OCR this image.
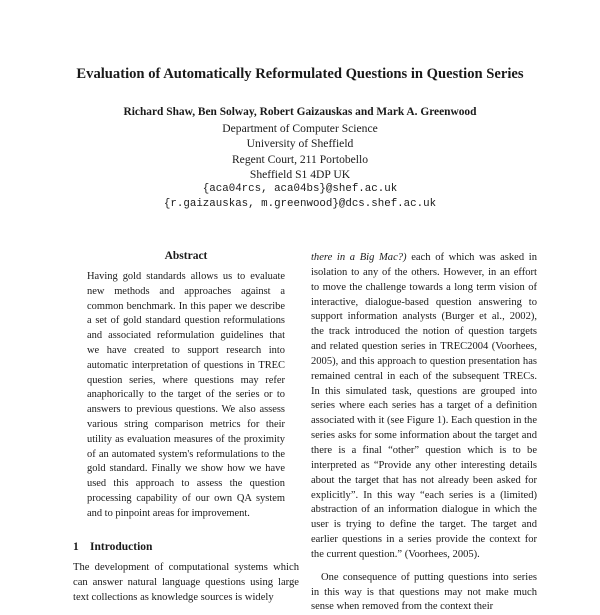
Evaluation of Automatically Reformulated Questions in Question Series
Richard Shaw, Ben Solway, Robert Gaizauskas and Mark A. Greenwood
Department of Computer Science
University of Sheffield
Regent Court, 211 Portobello
Sheffield S1 4DP UK
{aca04rcs, aca04bs}@shef.ac.uk
{r.gaizauskas, m.greenwood}@dcs.shef.ac.uk
Abstract

Having gold standards allows us to evaluate new methods and approaches against a common benchmark. In this paper we describe a set of gold standard question reformulations and associated reformulation guidelines that we have created to support research into automatic interpretation of questions in TREC question series, where questions may refer anaphorically to the target of the series or to answers to previous questions. We also assess various string comparison metrics for their utility as evaluation measures of the proximity of an automated system's reformulations to the gold standard. Finally we show how we have used this approach to assess the question processing capability of our own QA system and to pinpoint areas for improvement.

1 Introduction

The development of computational systems which can answer natural language questions using large text collections as knowledge sources is widely

there in a Big Mac?) each of which was asked in isolation to any of the others. However, in an effort to move the challenge towards a long term vision of interactive, dialogue-based question answering to support information analysts (Burger et al., 2002), the track introduced the notion of question targets and related question series in TREC2004 (Voorhees, 2005), and this approach to question presentation has remained central in each of the subsequent TRECs. In this simulated task, questions are grouped into series where each series has a target of a definition associated with it (see Figure 1). Each question in the series asks for some information about the target and there is a final “other” question which is to be interpreted as “Provide any other interesting details about the target that has not already been asked for explicitly”. In this way “each series is a (limited) abstraction of an information dialogue in which the user is trying to define the target. The target and earlier questions in a series provide the context for the current question.” (Voorhees, 2005).

One consequence of putting questions into series in this way is that questions may not make much sense when removed from the context their
